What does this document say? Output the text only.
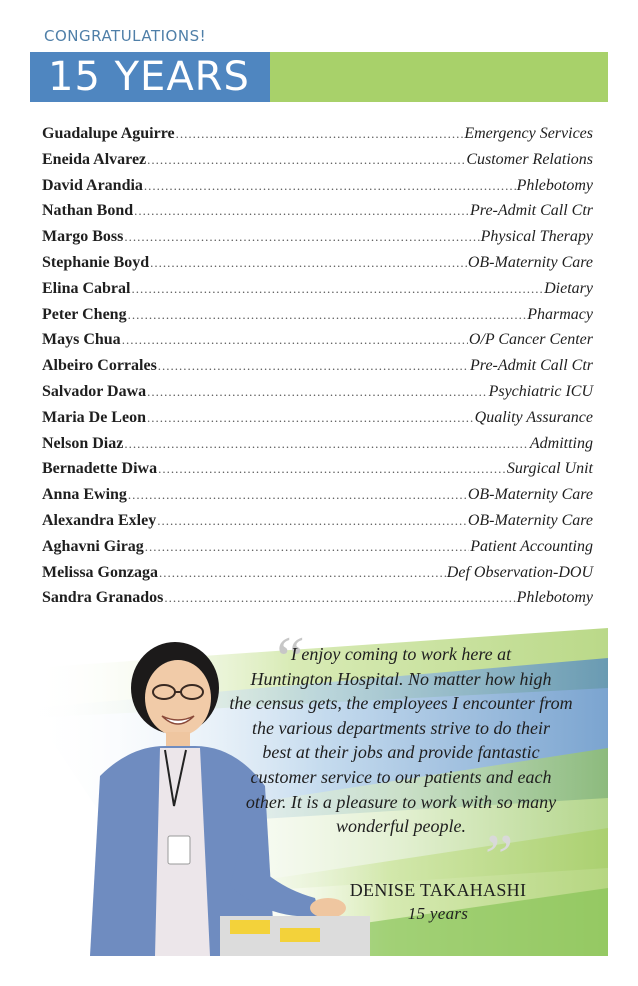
CONGRATULATIONS!
15 YEARS
Guadalupe Aguirre .....	Emergency Services
Eneida Alvarez .....	Customer Relations
David Arandia .....	Phlebotomy
Nathan Bond .....	Pre-Admit Call Ctr
Margo Boss .....	Physical Therapy
Stephanie Boyd .....	OB-Maternity Care
Elina Cabral .....	Dietary
Peter Cheng .....	Pharmacy
Mays Chua .....	O/P Cancer Center
Albeiro Corrales .....	Pre-Admit Call Ctr
Salvador Dawa .....	Psychiatric ICU
Maria De Leon .....	Quality Assurance
Nelson Diaz .....	Admitting
Bernadette Diwa .....	Surgical Unit
Anna Ewing .....	OB-Maternity Care
Alexandra Exley .....	OB-Maternity Care
Aghavni Girag .....	Patient Accounting
Melissa Gonzaga .....	Def Observation-DOU
Sandra Granados .....	Phlebotomy
“
I enjoy coming to work here at
Huntington Hospital. No matter how high
the census gets, the employees I encounter from
the various departments strive to do their
best at their jobs and provide fantastic
customer service to our patients and each
other. It is a pleasure to work with so many
wonderful people. ”
DENISE TAKAHASHI
15 years
